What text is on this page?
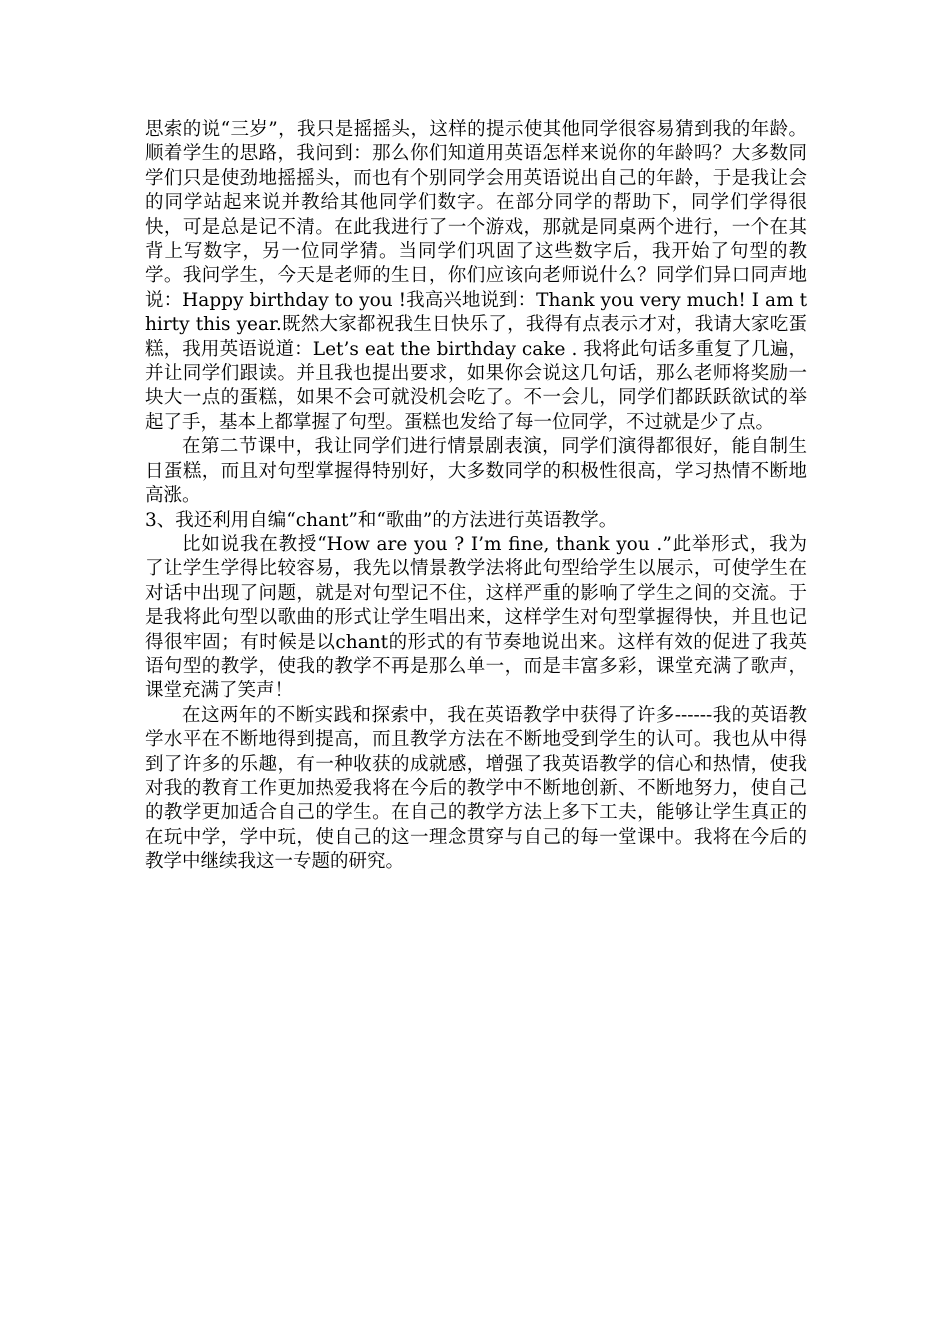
思索的说“三岁”，我只是摇摇头，这样的提示使其他同学很容易猜到我的年龄。顺着学生的思路，我问到：那么你们知道用英语怎样来说你的年龄吗？大多数同学们只是使劲地摇摇头，而也有个别同学会用英语说出自己的年龄，于是我让会的同学站起来说并教给其他同学们数字。在部分同学的帮助下，同学们学得很快，可是总是记不清。在此我进行了一个游戏，那就是同桌两个进行，一个在其背上写数字，另一位同学猜。当同学们巩固了这些数字后，我开始了句型的教学。我问学生，今天是老师的生日，你们应该向老师说什么？同学们异口同声地说：Happy birthday to you !我高兴地说到：Thank you very much! I am thirty this year.既然大家都祝我生日快乐了，我得有点表示才对，我请大家吃蛋糕，我用英语说道：Let’s eat the birthday cake . 我将此句话多重复了几遍，并让同学们跟读。并且我也提出要求，如果你会说这几句话，那么老师将奖励一块大一点的蛋糕，如果不会可就没机会吃了。不一会儿，同学们都跃跃欲试的举起了手，基本上都掌握了句型。蛋糕也发给了每一位同学，不过就是少了点。

在第二节课中，我让同学们进行情景剧表演，同学们演得都很好，能自制生日蛋糕，而且对句型掌握得特别好，大多数同学的积极性很高，学习热情不断地高涨。

3、我还利用自编“chant”和“歌曲”的方法进行英语教学。

比如说我在教授“How are you ? I’m fine, thank you .”此举形式，我为了让学生学得比较容易，我先以情景教学法将此句型给学生以展示，可使学生在对话中出现了问题，就是对句型记不住，这样严重的影响了学生之间的交流。于是我将此句型以歌曲的形式让学生唱出来，这样学生对句型掌握得快，并且也记得很牢固；有时候是以chant的形式的有节奏地说出来。这样有效的促进了我英语句型的教学，使我的教学不再是那么单一，而是丰富多彩，课堂充满了歌声，课堂充满了笑声！

在这两年的不断实践和探索中，我在英语教学中获得了许多------我的英语教学水平在不断地得到提高，而且教学方法在不断地受到学生的认可。我也从中得到了许多的乐趣，有一种收获的成就感，增强了我英语教学的信心和热情，使我对我的教育工作更加热爱我将在今后的教学中不断地创新、不断地努力，使自己的教学更加适合自己的学生。在自己的教学方法上多下工夫，能够让学生真正的在玩中学，学中玩，使自己的这一理念贯穿与自己的每一堂课中。我将在今后的教学中继续我这一专题的研究。
